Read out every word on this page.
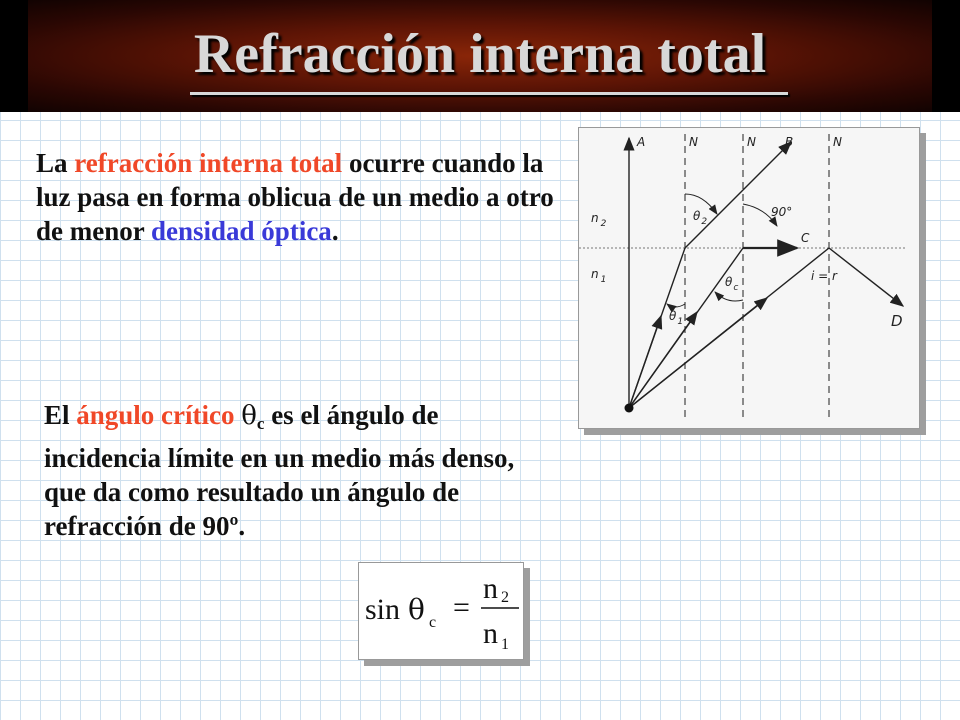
Refracción interna total
La refracción interna total ocurre cuando la luz pasa en forma oblicua de un medio a otro de menor densidad óptica.
El ángulo crítico θc es el ángulo de incidencia límite en un medio más denso, que da como resultado un ángulo de refracción de 90º.
A	N	N	N
B
C
D
n $_2$
n $_1$
$\theta_2$
90°
$\theta_c$
$\theta_1$
i = r
sin θ c =
n 2
n 1
